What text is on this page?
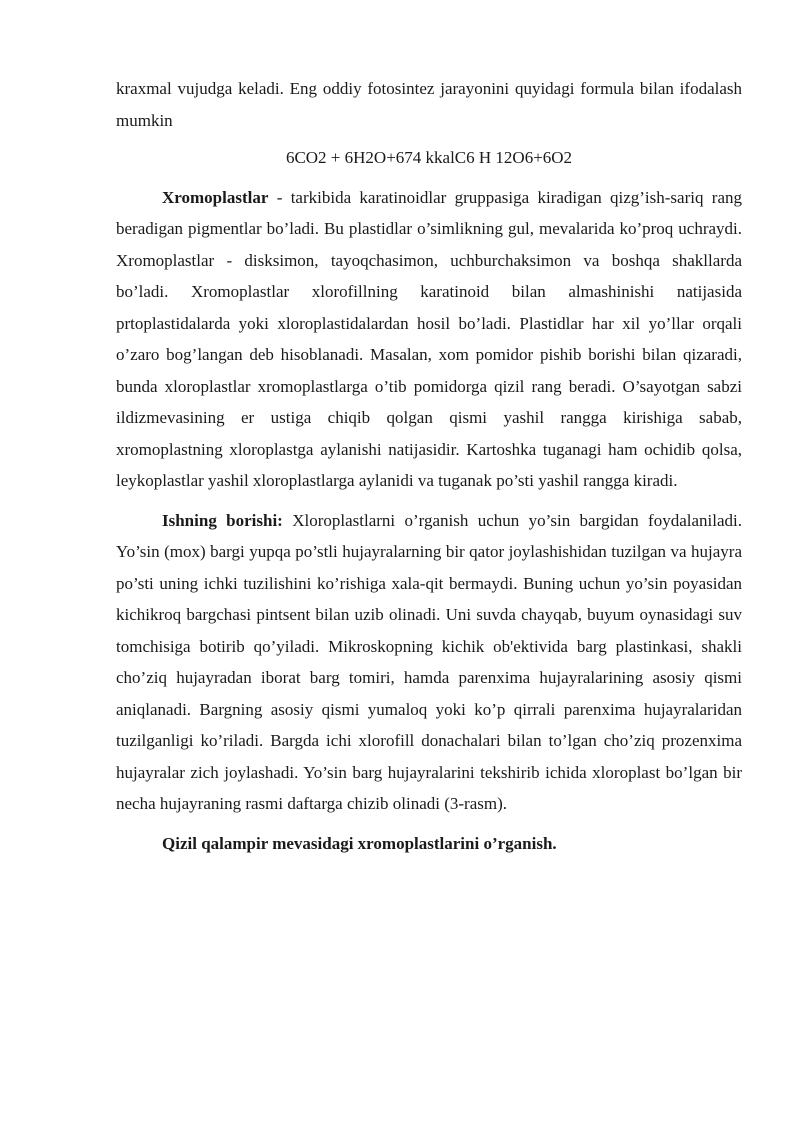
kraxmal vujudga keladi. Eng oddiy fotosintez jarayonini quyidagi formula bilan ifodalash mumkin

6CO2 + 6H2O+674 kkalC6 H 12O6+6O2

Xromoplastlar - tarkibida karatinoidlar gruppasiga kiradigan qizg’ish-sariq rang beradigan pigmentlar bo’ladi. Bu plastidlar o’simlikning gul, mevalarida ko’proq uchraydi. Xromoplastlar - disksimon, tayoqchasimon, uchburchaksimon va boshqa shakllarda bo’ladi. Xromoplastlar xlorofillning karatinoid bilan almashinishi natijasida prtoplastidalarda yoki xloroplastidalardan hosil bo’ladi. Plastidlar har xil yo’llar orqali o’zaro bog’langan deb hisoblanadi. Masalan, xom pomidor pishib borishi bilan qizaradi, bunda xloroplastlar xromoplastlarga o’tib pomidorga qizil rang beradi. O’sayotgan sabzi ildizmevasining er ustiga chiqib qolgan qismi yashil rangga kirishiga sabab, xromoplastning xloroplastga aylanishi natijasidir. Kartoshka tuganagi ham ochidib qolsa, leykoplastlar yashil xloroplastlarga aylanidi va tuganak po’sti yashil rangga kiradi.

Ishning borishi: Xloroplastlarni o’rganish uchun yo’sin bargidan foydalaniladi. Yo’sin (mox) bargi yupqa po’stli hujayralarning bir qator joylashishidan tuzilgan va hujayra po’sti uning ichki tuzilishini ko’rishiga xala-qit bermaydi. Buning uchun yo’sin poyasidan kichikroq bargchasi pintsent bilan uzib olinadi. Uni suvda chayqab, buyum oynasidagi suv tomchisiga botirib qo’yiladi. Mikroskopning kichik ob'ektivida barg plastinkasi, shakli cho’ziq hujayradan iborat barg tomiri, hamda parenxima hujayralarining asosiy qismi aniqlanadi. Bargning asosiy qismi yumaloq yoki ko’p qirrali parenxima hujayralaridan tuzilganligi ko’riladi. Bargda ichi xlorofill donachalari bilan to’lgan cho’ziq prozenxima hujayralar zich joylashadi. Yo’sin barg hujayralarini tekshirib ichida xloroplast bo’lgan bir necha hujayraning rasmi daftarga chizib olinadi (3-rasm).

Qizil qalampir mevasidagi xromoplastlarini o’rganish.
